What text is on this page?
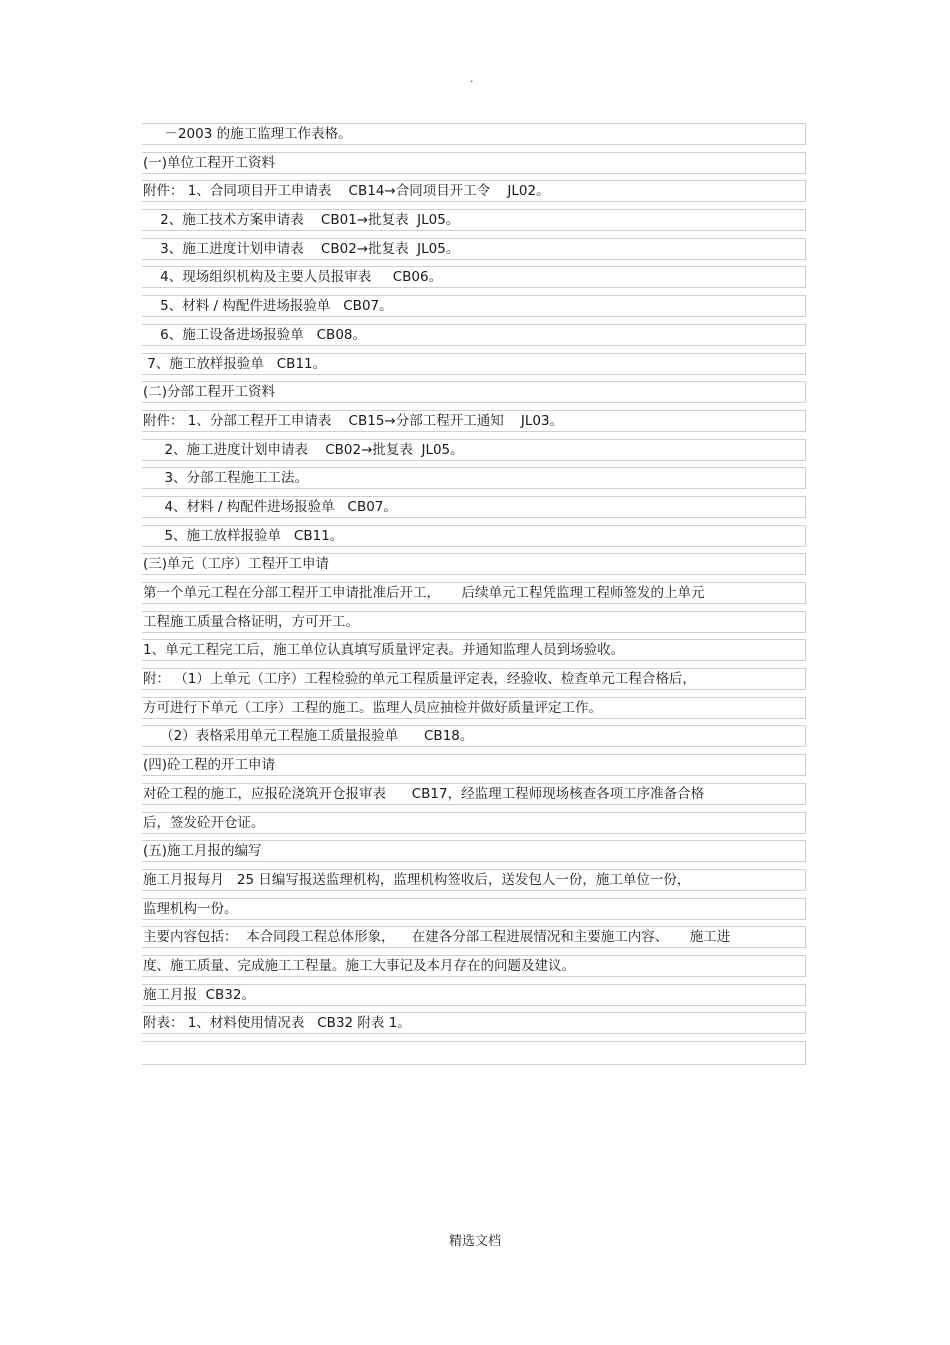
.
－2003 的施工监理工作表格。
(一)单位工程开工资料
附件： 1、合同项目开工申请表    CB14→合同项目开工令    JL02。
2、施工技术方案申请表    CB01→批复表  JL05。
3、施工进度计划申请表    CB02→批复表  JL05。
4、现场组织机构及主要人员报审表     CB06。
5、材料 / 构配件进场报验单   CB07。
6、施工设备进场报验单   CB08。
7、施工放样报验单   CB11。
(二)分部工程开工资料
附件： 1、分部工程开工申请表    CB15→分部工程开工通知    JL03。
2、施工进度计划申请表    CB02→批复表  JL05。
3、分部工程施工工法。
4、材料 / 构配件进场报验单   CB07。
5、施工放样报验单   CB11。
(三)单元（工序）工程开工申请
第一个单元工程在分部工程开工申请批准后开工，     后续单元工程凭监理工程师签发的上单元
工程施工质量合格证明，方可开工。
1、单元工程完工后，施工单位认真填写质量评定表。并通知监理人员到场验收。
附： （1）上单元（工序）工程检验的单元工程质量评定表，经验收、检查单元工程合格后，
方可进行下单元（工序）工程的施工。监理人员应抽检并做好质量评定工作。
（2）表格采用单元工程施工质量报验单      CB18。
(四)砼工程的开工申请
对砼工程的施工，应报砼浇筑开仓报审表      CB17，经监理工程师现场核查各项工序准备合格
后，签发砼开仓证。
(五)施工月报的编写
施工月报每月   25 日编写报送监理机构，监理机构签收后，送发包人一份，施工单位一份，
监理机构一份。
主要内容包括：  本合同段工程总体形象，    在建各分部工程进展情况和主要施工内容、     施工进
度、施工质量、完成施工工程量。施工大事记及本月存在的问题及建议。
施工月报  CB32。
附表： 1、材料使用情况表   CB32 附表 1。
精选文档
